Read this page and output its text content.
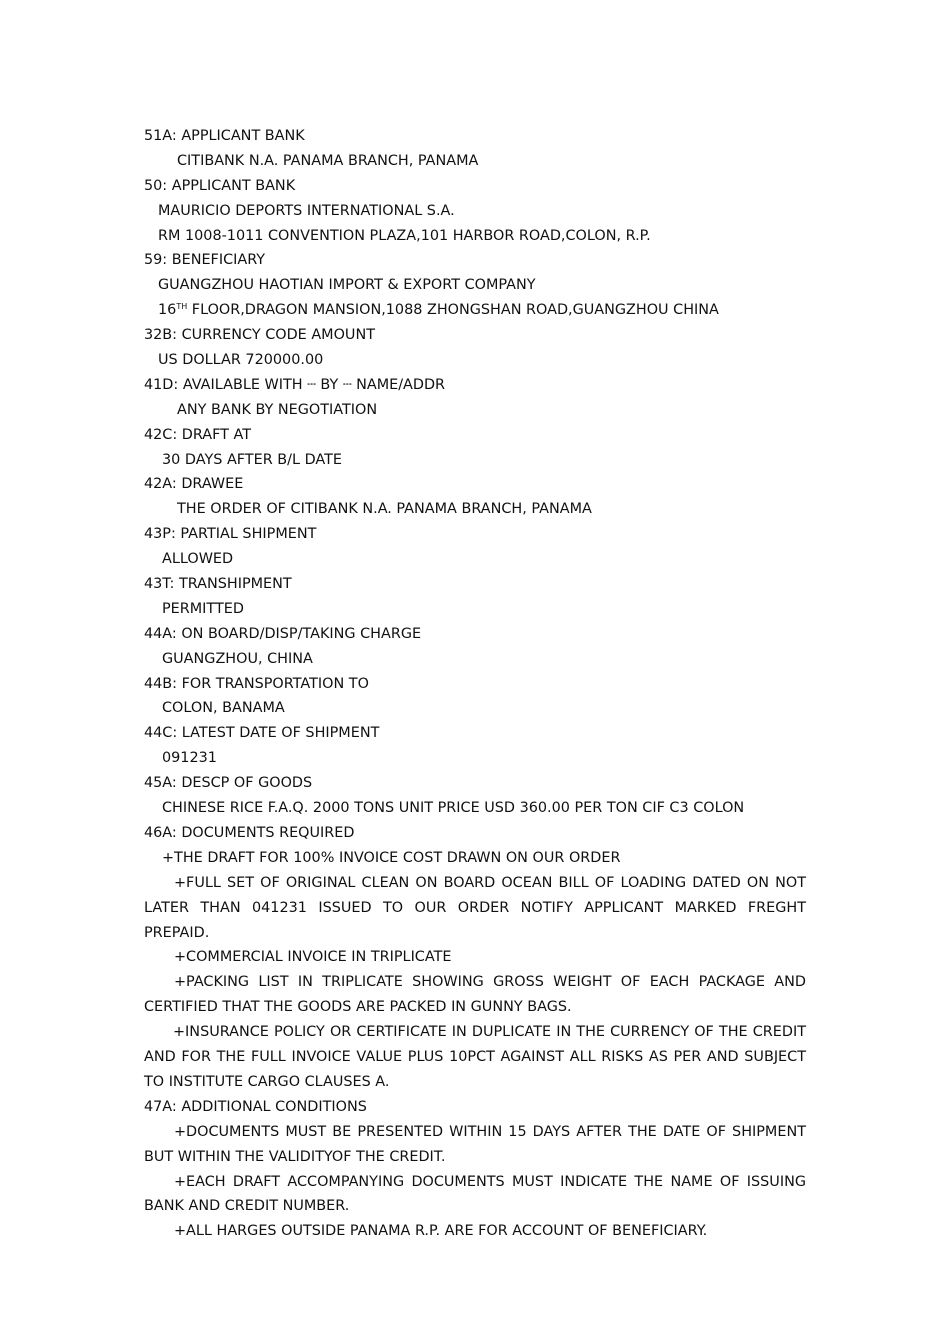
51A: APPLICANT BANK
CITIBANK N.A. PANAMA BRANCH, PANAMA
50: APPLICANT BANK
MAURICIO DEPORTS INTERNATIONAL S.A.
RM 1008-1011 CONVENTION PLAZA,101 HARBOR ROAD,COLON, R.P.
59: BENEFICIARY
GUANGZHOU HAOTIAN IMPORT & EXPORT COMPANY
16TH FLOOR,DRAGON MANSION,1088 ZHONGSHAN ROAD,GUANGZHOU CHINA
32B: CURRENCY CODE AMOUNT
US DOLLAR 720000.00
41D: AVAILABLE WITH ┄ BY ┄ NAME/ADDR
ANY BANK BY NEGOTIATION
42C: DRAFT AT
30 DAYS AFTER B/L DATE
42A: DRAWEE
THE ORDER OF CITIBANK N.A. PANAMA BRANCH, PANAMA
43P: PARTIAL SHIPMENT
ALLOWED
43T: TRANSHIPMENT
PERMITTED
44A: ON BOARD/DISP/TAKING CHARGE
GUANGZHOU, CHINA
44B: FOR TRANSPORTATION TO
COLON, BANAMA
44C: LATEST DATE OF SHIPMENT
091231
45A: DESCP OF GOODS
CHINESE RICE F.A.Q. 2000 TONS UNIT PRICE USD 360.00 PER TON CIF C3 COLON
46A: DOCUMENTS REQUIRED
+THE DRAFT FOR 100% INVOICE COST DRAWN ON OUR ORDER
+FULL SET OF ORIGINAL CLEAN ON BOARD OCEAN BILL OF LOADING DATED ON NOT LATER THAN 041231 ISSUED TO OUR ORDER NOTIFY APPLICANT MARKED FREGHT PREPAID.
+COMMERCIAL INVOICE IN TRIPLICATE
+PACKING LIST IN TRIPLICATE SHOWING GROSS WEIGHT OF EACH PACKAGE AND CERTIFIED THAT THE GOODS ARE PACKED IN GUNNY BAGS.
+INSURANCE POLICY OR CERTIFICATE IN DUPLICATE IN THE CURRENCY OF THE CREDIT AND FOR THE FULL INVOICE VALUE PLUS 10PCT AGAINST ALL RISKS AS PER AND SUBJECT TO INSTITUTE CARGO CLAUSES A.
47A: ADDITIONAL CONDITIONS
+DOCUMENTS MUST BE PRESENTED WITHIN 15 DAYS AFTER THE DATE OF SHIPMENT BUT WITHIN THE VALIDITYOF THE CREDIT.
+EACH DRAFT ACCOMPANYING DOCUMENTS MUST INDICATE THE NAME OF ISSUING BANK AND CREDIT NUMBER.
+ALL HARGES OUTSIDE PANAMA R.P. ARE FOR ACCOUNT OF BENEFICIARY.
